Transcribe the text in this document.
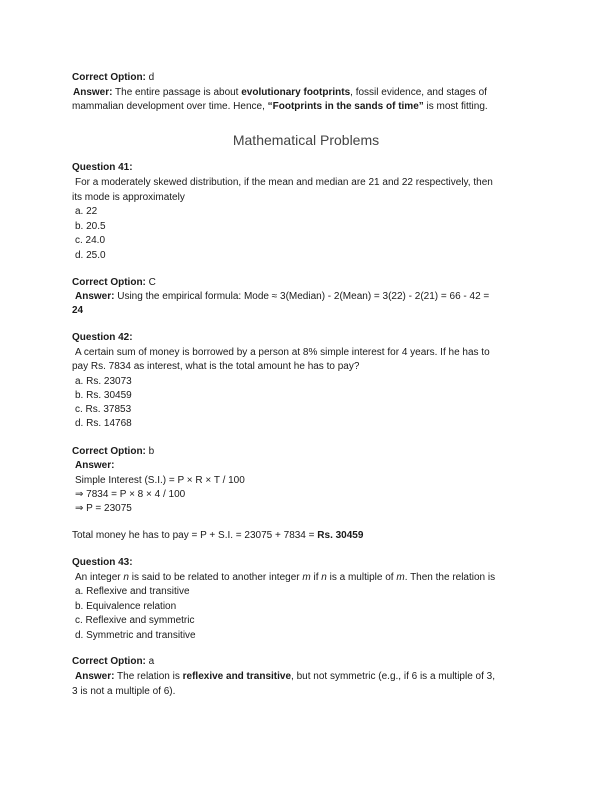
Correct Option: d
Answer: The entire passage is about evolutionary footprints, fossil evidence, and stages of
mammalian development over time. Hence, “Footprints in the sands of time” is most fitting.
Mathematical Problems
Question 41:
For a moderately skewed distribution, if the mean and median are 21 and 22 respectively, then
its mode is approximately
a. 22
b. 20.5
c. 24.0
d. 25.0
Correct Option: C
Answer: Using the empirical formula: Mode ≈ 3(Median) - 2(Mean) = 3(22) - 2(21) = 66 - 42 =
24
Question 42:
A certain sum of money is borrowed by a person at 8% simple interest for 4 years. If he has to
pay Rs. 7834 as interest, what is the total amount he has to pay?
a. Rs. 23073
b. Rs. 30459
c. Rs. 37853
d. Rs. 14768
Correct Option: b
Answer:
Simple Interest (S.I.) = P × R × T / 100
⇒ 7834 = P × 8 × 4 / 100
⇒ P = 23075
Total money he has to pay = P + S.I. = 23075 + 7834 = Rs. 30459
Question 43:
An integer n is said to be related to another integer m if n is a multiple of m. Then the relation is
a. Reflexive and transitive
b. Equivalence relation
c. Reflexive and symmetric
d. Symmetric and transitive
Correct Option: a
Answer: The relation is reflexive and transitive, but not symmetric (e.g., if 6 is a multiple of 3,
3 is not a multiple of 6).
